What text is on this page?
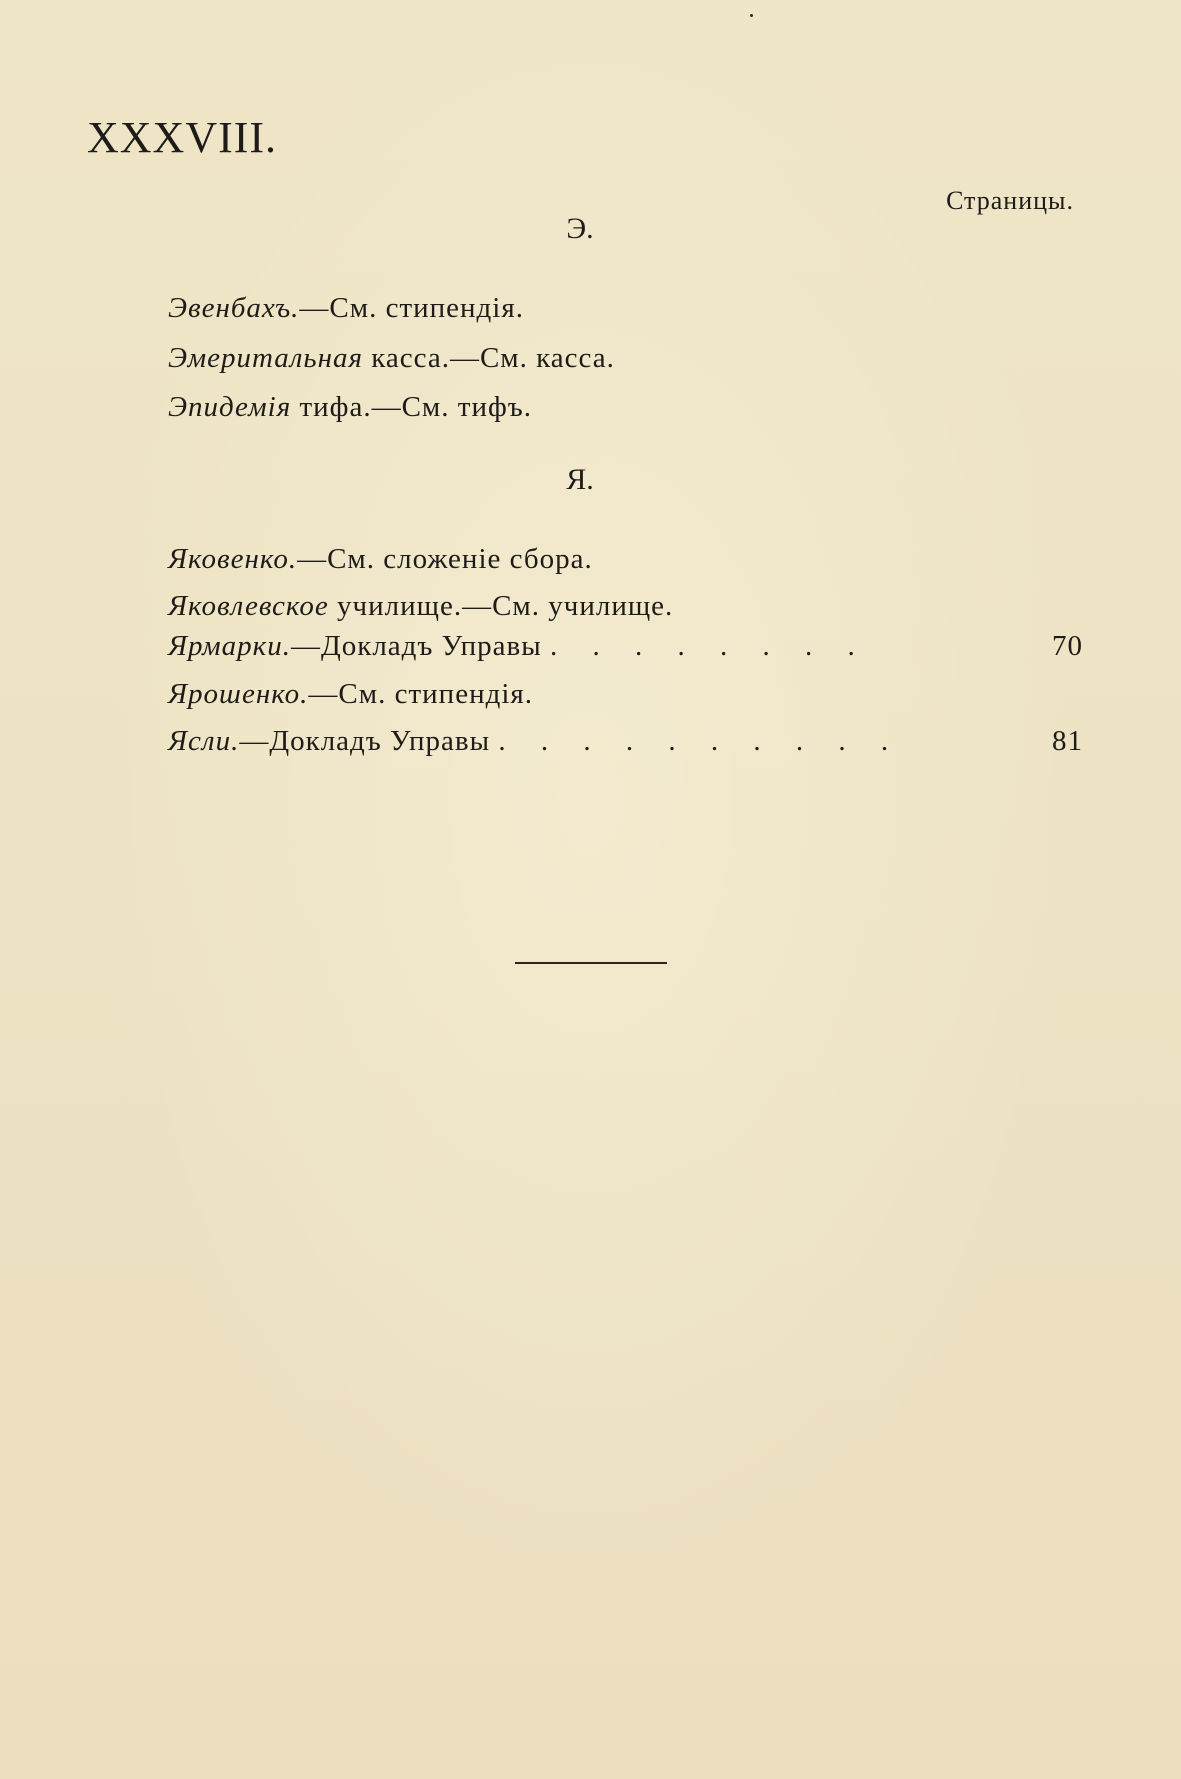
XXXVIII.
Страницы.
Э.
Эвенбахъ.—См. стипендія.
Эмеритальная касса.—См. касса.
Эпидемія тифа.—См. тифъ.
Я.
Яковенко.—См. сложеніе сбора.
Яковлевское училище.—См. училище.
Ярмарки.—Докладъ Управы . . . . . . . .	70
Ярошенко.—См. стипендія.
Ясли.—Докладъ Управы . . . . . . . . . .	81
